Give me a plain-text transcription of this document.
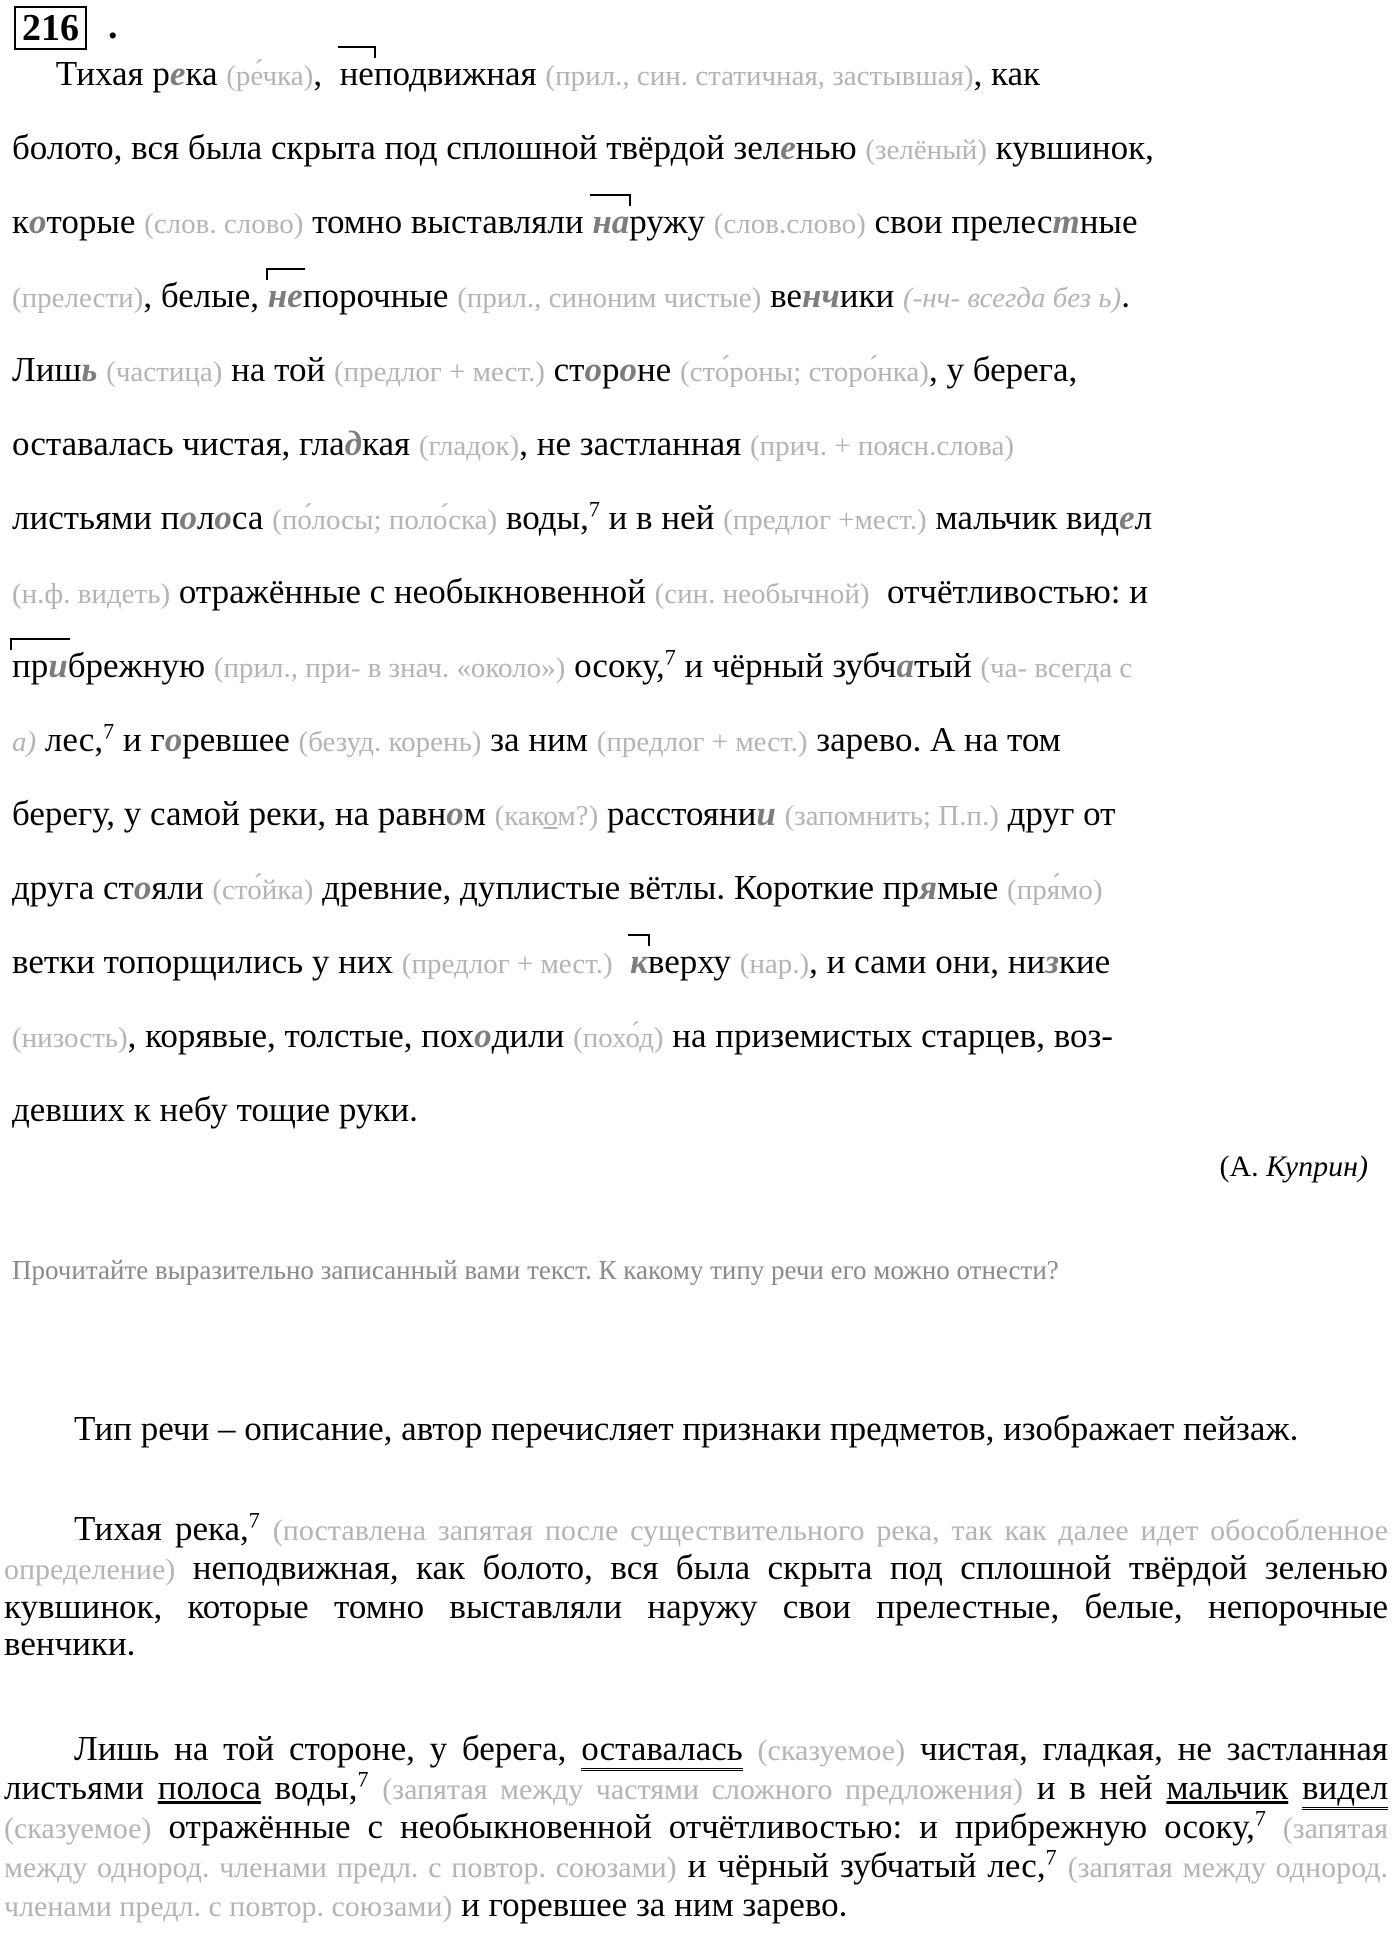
216 .
Тихая река (ре́чка),  неподвижная (прил., син. статичная, застывшая), как
болото, вся была скрыта под сплошной твёрдой зеленью (зелёный) кувшинок,
которые (слов. слово) томно выставляли наружу (слов.слово) свои прелестные
(прелести), белые, непорочные (прил., синоним чистые) венчики (-нч- всегда без ь).
Лишь (частица) на той (предлог + мест.) стороне (сто́роны; сторо́нка), у берега,
оставалась чистая, гладкая (гладок), не застланная (прич. + поясн.слова)
листьями полоса (по́лосы; поло́ска) воды,$^7$ и в ней (предлог +мест.) мальчик видел
(н.ф. видеть) отражённые с необыкновенной (син. необычной)  отчётливостью: и
прибрежную (прил., при- в знач. «около») осоку,$^7$ и чёрный зубчатый (ча- всегда с
а) лес,$^7$ и горевшее (безуд. корень) за ним (предлог + мест.) зарево. А на том
берегу, у самой реки, на равном (каком?) расстоянии (запомнить; П.п.) друг от
друга стояли (сто́йка) древние, дуплистые вётлы. Короткие прямые (пря́мо)
ветки топорщились у них (предлог + мест.) кверху (нар.), и сами они, низкие
(низость), корявые, толстые, походили (похо́д) на приземистых старцев, воз-
девших к небу тощие руки.
(А. Куприн)
Прочитайте выразительно записанный вами текст. К какому типу речи его можно отнести?

Тип речи – описание, автор перечисляет признаки предметов, изображает пейзаж.

Тихая река,$^7$ (поставлена запятая после существительного река, так как далее идет обособленное определение) неподвижная, как болото, вся была скрыта под сплошной твёрдой зеленью кувшинок, которые томно выставляли наружу свои прелестные, белые, непорочные венчики.

Лишь на той стороне, у берега, оставалась (сказуемое) чистая, гладкая, не застланная листьями полоса воды,$^7$ (запятая между частями сложного предложения) и в ней мальчик видел (сказуемое) отражённые с необыкновенной отчётливостью: и прибрежную осоку,$^7$ (запятая между однород. членами предл. с повтор. союзами) и чёрный зубчатый лес,$^7$ (запятая между однород. членами предл. с повтор. союзами) и горевшее за ним зарево.
